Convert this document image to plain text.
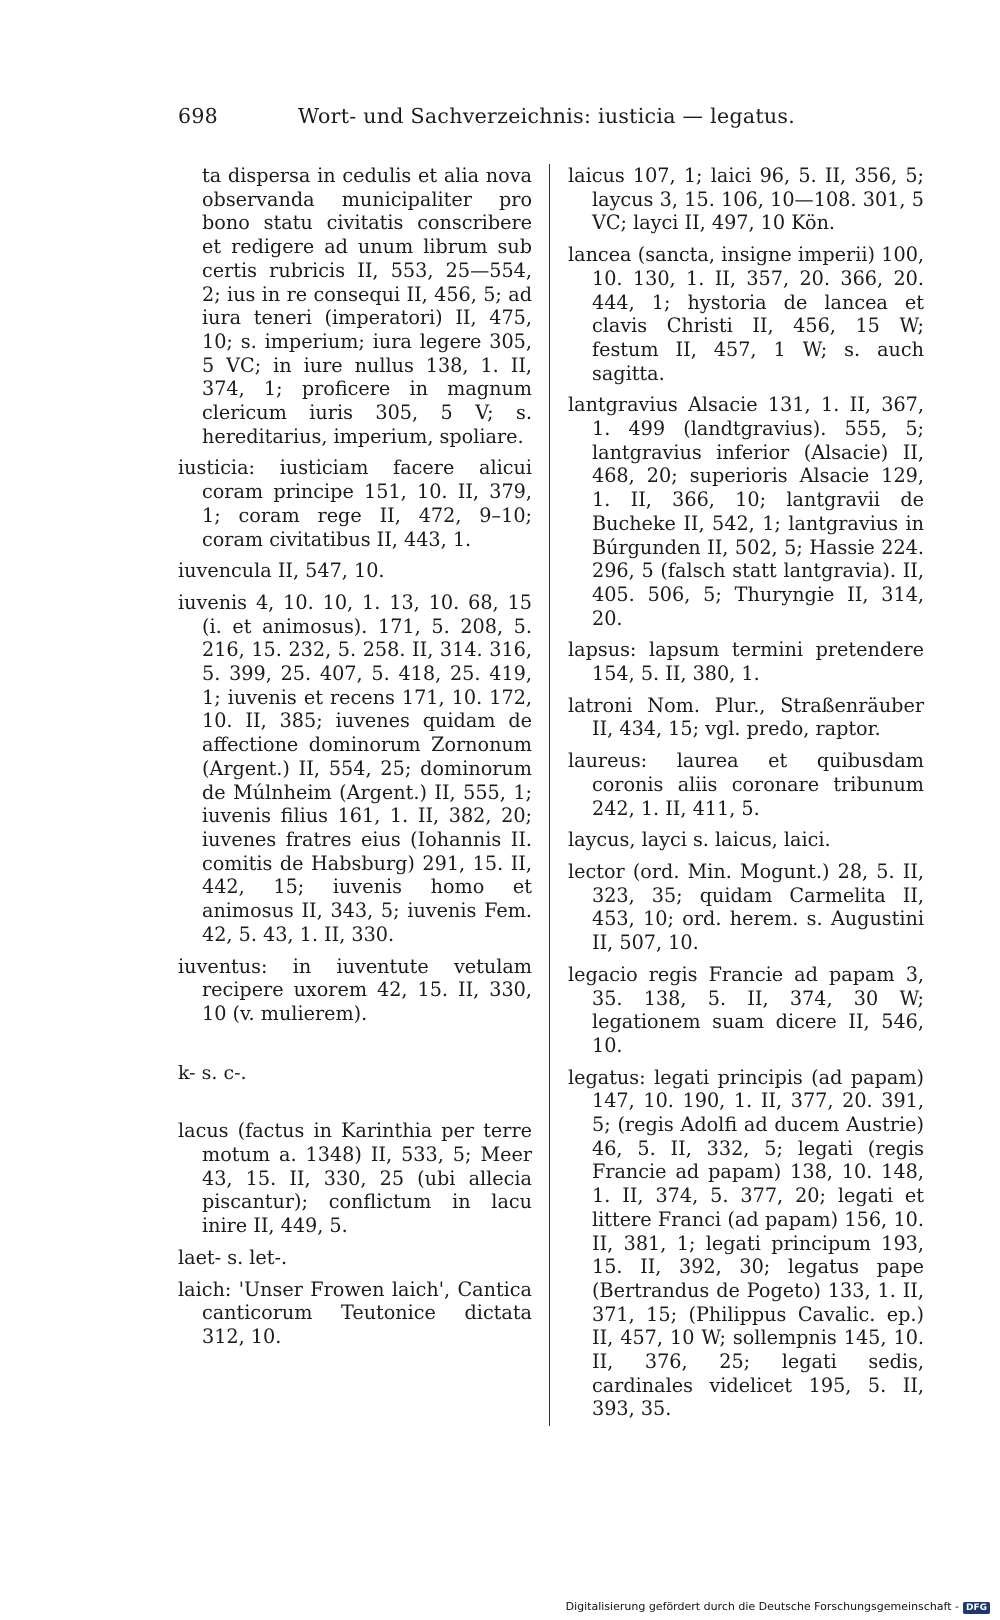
698	Wort- und Sachverzeichnis: iusticia — legatus.

ta dispersa in cedulis et alia nova observanda municipaliter pro bono statu civitatis conscribere et redigere ad unum librum sub certis rubricis II, 553, 25—554, 2; ius in re consequi II, 456, 5; ad iura teneri (imperatori) II, 475, 10; s. imperium; iura legere 305, 5 VC; in iure nullus 138, 1. II, 374, 1; proficere in magnum clericum iuris 305, 5 V; s. hereditarius, imperium, spoliare.

iusticia: iusticiam facere alicui coram principe 151, 10. II, 379, 1; coram rege II, 472, 9–10; coram civitatibus II, 443, 1.

iuvencula II, 547, 10.

iuvenis 4, 10. 10, 1. 13, 10. 68, 15 (i. et animosus). 171, 5. 208, 5. 216, 15. 232, 5. 258. II, 314. 316, 5. 399, 25. 407, 5. 418, 25. 419, 1; iuvenis et recens 171, 10. 172, 10. II, 385; iuvenes quidam de affectione dominorum Zornonum (Argent.) II, 554, 25; dominorum de Múlnheim (Argent.) II, 555, 1; iuvenis filius 161, 1. II, 382, 20; iuvenes fratres eius (Iohannis II. comitis de Habsburg) 291, 15. II, 442, 15; iuvenis homo et animosus II, 343, 5; iuvenis Fem. 42, 5. 43, 1. II, 330.

iuventus: in iuventute vetulam recipere uxorem 42, 15. II, 330, 10 (v. mulierem).

k- s. c-.

lacus (factus in Karinthia per terre motum a. 1348) II, 533, 5; Meer 43, 15. II, 330, 25 (ubi allecia piscantur); conflictum in lacu inire II, 449, 5.

laet- s. let-.

laich: 'Unser Frowen laich', Cantica canticorum Teutonice dictata 312, 10.

laicus 107, 1; laici 96, 5. II, 356, 5; laycus 3, 15. 106, 10—108. 301, 5 VC; layci II, 497, 10 Kön.

lancea (sancta, insigne imperii) 100, 10. 130, 1. II, 357, 20. 366, 20. 444, 1; hystoria de lancea et clavis Christi II, 456, 15 W; festum II, 457, 1 W; s. auch sagitta.

lantgravius Alsacie 131, 1. II, 367, 1. 499 (landtgravius). 555, 5; lantgravius inferior (Alsacie) II, 468, 20; superioris Alsacie 129, 1. II, 366, 10; lantgravii de Bucheke II, 542, 1; lantgravius in Búrgunden II, 502, 5; Hassie 224. 296, 5 (falsch statt lantgravia). II, 405. 506, 5; Thuryngie II, 314, 20.

lapsus: lapsum termini pretendere 154, 5. II, 380, 1.

latroni Nom. Plur., Straßenräuber II, 434, 15; vgl. predo, raptor.

laureus: laurea et quibusdam coronis aliis coronare tribunum 242, 1. II, 411, 5.

laycus, layci s. laicus, laici.

lector (ord. Min. Mogunt.) 28, 5. II, 323, 35; quidam Carmelita II, 453, 10; ord. herem. s. Augustini II, 507, 10.

legacio regis Francie ad papam 3, 35. 138, 5. II, 374, 30 W; legationem suam dicere II, 546, 10.

legatus: legati principis (ad papam) 147, 10. 190, 1. II, 377, 20. 391, 5; (regis Adolfi ad ducem Austrie) 46, 5. II, 332, 5; legati (regis Francie ad papam) 138, 10. 148, 1. II, 374, 5. 377, 20; legati et littere Franci (ad papam) 156, 10. II, 381, 1; legati principum 193, 15. II, 392, 30; legatus pape (Bertrandus de Pogeto) 133, 1. II, 371, 15; (Philippus Cavalic. ep.) II, 457, 10 W; sollempnis 145, 10. II, 376, 25; legati sedis, cardinales videlicet 195, 5. II, 393, 35.

Digitalisierung gefördert durch die Deutsche Forschungsgemeinschaft - DFG
